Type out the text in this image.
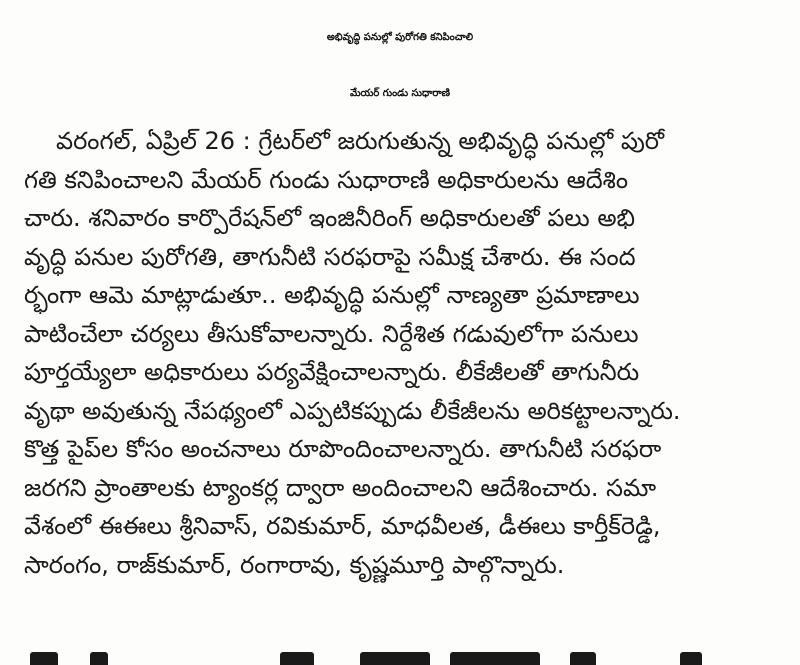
అభివృద్ధి పనుల్లో పురోగతి కనిపించాలి
మేయర్ గుండు సుధారాణి
వరంగల్, ఏప్రిల్ 26 : గ్రేటర్‌లో జరుగుతున్న అభివృద్ధి పనుల్లో పురో
గతి కనిపించాలని మేయర్ గుండు సుధారాణి అధికారులను ఆదేశిం
చారు. శనివారం కార్పొరేషన్‌లో ఇంజినీరింగ్ అధికారులతో పలు అభి
వృద్ధి పనుల పురోగతి, తాగునీటి సరఫరాపై సమీక్ష చేశారు. ఈ సంద
ర్భంగా ఆమె మాట్లాడుతూ.. అభివృద్ధి పనుల్లో నాణ్యతా ప్రమాణాలు
పాటించేలా చర్యలు తీసుకోవాలన్నారు. నిర్దేశిత గడువులోగా పనులు
పూర్తయ్యేలా అధికారులు పర్యవేక్షించాలన్నారు. లీకేజీలతో తాగునీరు
వృథా అవుతున్న నేపథ్యంలో ఎప్పటికప్పుడు లీకేజీలను అరికట్టాలన్నారు.
కొత్త పైప్‌ల కోసం అంచనాలు రూపొందించాలన్నారు. తాగునీటి సరఫరా
జరగని ప్రాంతాలకు ట్యాంకర్ల ద్వారా అందించాలని ఆదేశించారు. సమా
వేశంలో ఈఈలు శ్రీనివాస్, రవికుమార్, మాధవీలత, డీఈలు కార్తీక్‌రెడ్డి,
సారంగం, రాజ్‌కుమార్, రంగారావు, కృష్ణమూర్తి పాల్గొన్నారు.
